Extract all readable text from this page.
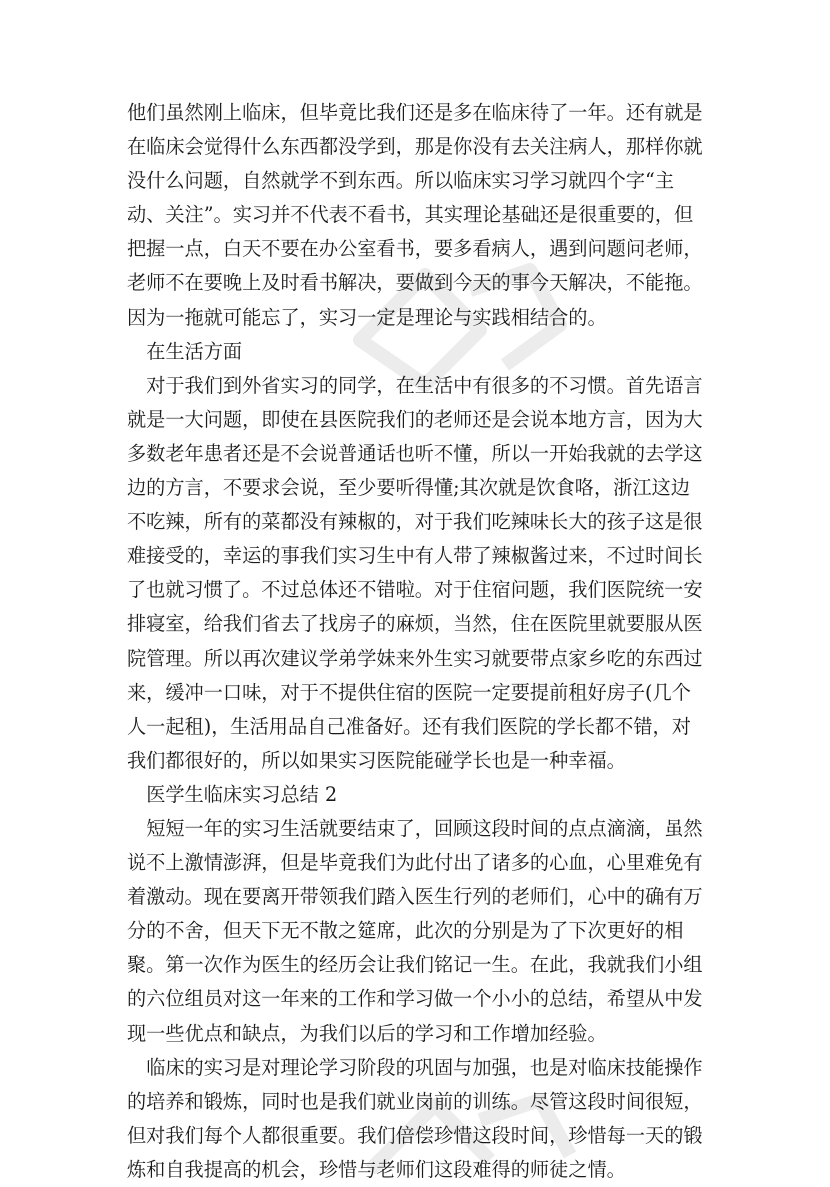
他们虽然刚上临床，但毕竟比我们还是多在临床待了一年。还有就是在临床会觉得什么东西都没学到，那是你没有去关注病人，那样你就没什么问题，自然就学不到东西。所以临床实习学习就四个字“主动、关注”。实习并不代表不看书，其实理论基础还是很重要的，但把握一点，白天不要在办公室看书，要多看病人，遇到问题问老师，老师不在要晚上及时看书解决，要做到今天的事今天解决，不能拖。因为一拖就可能忘了，实习一定是理论与实践相结合的。

在生活方面

对于我们到外省实习的同学，在生活中有很多的不习惯。首先语言就是一大问题，即使在县医院我们的老师还是会说本地方言，因为大多数老年患者还是不会说普通话也听不懂，所以一开始我就的去学这边的方言，不要求会说，至少要听得懂;其次就是饮食咯，浙江这边不吃辣，所有的菜都没有辣椒的，对于我们吃辣味长大的孩子这是很难接受的，幸运的事我们实习生中有人带了辣椒酱过来，不过时间长了也就习惯了。不过总体还不错啦。对于住宿问题，我们医院统一安排寝室，给我们省去了找房子的麻烦，当然，住在医院里就要服从医院管理。所以再次建议学弟学妹来外生实习就要带点家乡吃的东西过来，缓冲一口味，对于不提供住宿的医院一定要提前租好房子(几个人一起租)，生活用品自己准备好。还有我们医院的学长都不错，对我们都很好的，所以如果实习医院能碰学长也是一种幸福。

医学生临床实习总结 2

短短一年的实习生活就要结束了，回顾这段时间的点点滴滴，虽然说不上激情澎湃，但是毕竟我们为此付出了诸多的心血，心里难免有着激动。现在要离开带领我们踏入医生行列的老师们，心中的确有万分的不舍，但天下无不散之筵席，此次的分别是为了下次更好的相聚。第一次作为医生的经历会让我们铭记一生。在此，我就我们小组的六位组员对这一年来的工作和学习做一个小小的总结，希望从中发现一些优点和缺点，为我们以后的学习和工作增加经验。

临床的实习是对理论学习阶段的巩固与加强，也是对临床技能操作的培养和锻炼，同时也是我们就业岗前的训练。尽管这段时间很短，但对我们每个人都很重要。我们倍偿珍惜这段时间，珍惜每一天的锻炼和自我提高的机会，珍惜与老师们这段难得的师徒之情。
